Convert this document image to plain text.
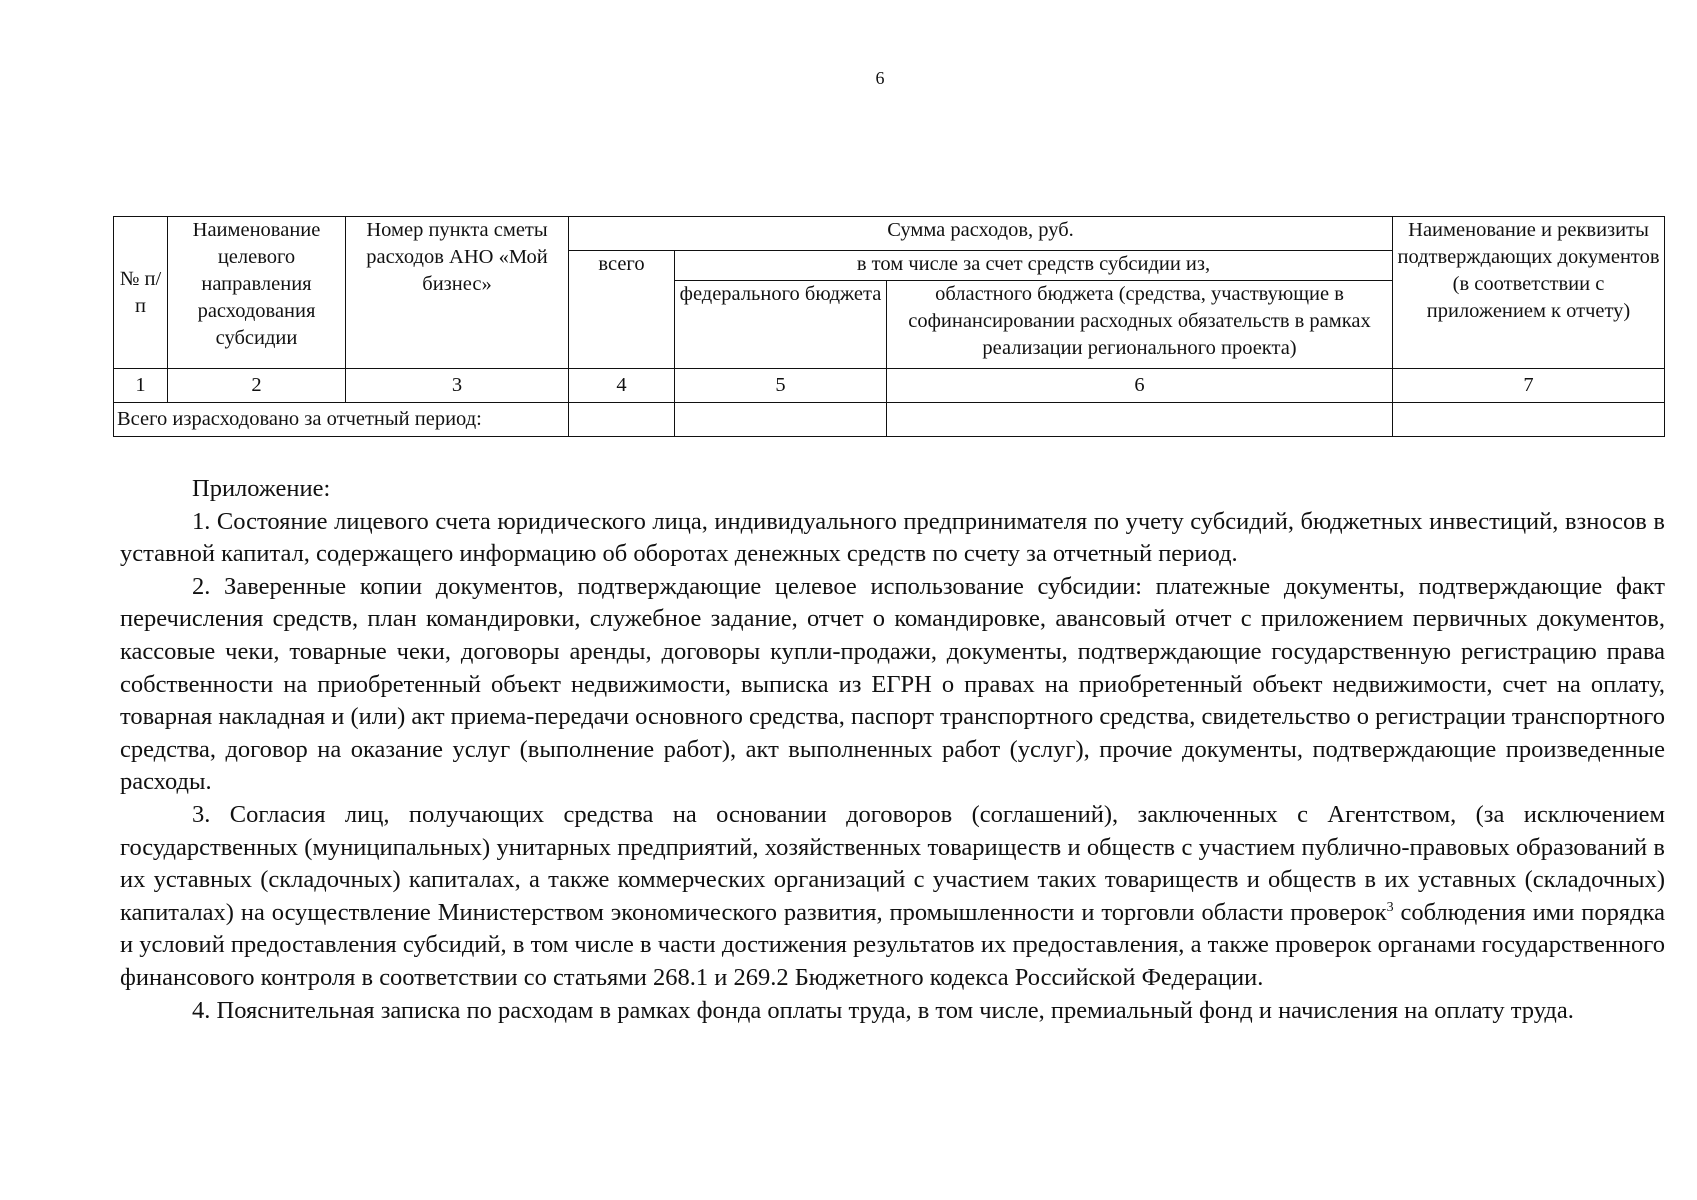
6
№ п/п	Наименование целевого направления расходования субсидии	Номер пункта сметы расходов АНО «Мой бизнес»	Сумма расходов, руб.			Наименование и реквизиты подтверждающих документов (в соответствии с приложением к отчету)
			всего	в том числе за счет средств субсидии из,		
				федерального бюджета	областного бюджета (средства, участвующие в софинансировании расходных обязательств в рамках реализации регионального проекта)	
1	2	3	4	5	6	7
Всего израсходовано за отчетный период:						

Приложение:

1. Состояние лицевого счета юридического лица, индивидуального предпринимателя по учету субсидий, бюджетных инвестиций, взносов в уставной капитал, содержащего информацию об оборотах денежных средств по счету за отчетный период.

2. Заверенные копии документов, подтверждающие целевое использование субсидии: платежные документы, подтверждающие факт перечисления средств, план командировки, служебное задание, отчет о командировке, авансовый отчет с приложением первичных документов, кассовые чеки, товарные чеки, договоры аренды, договоры купли-продажи, документы, подтверждающие государственную регистрацию права собственности на приобретенный объект недвижимости, выписка из ЕГРН о правах на приобретенный объект недвижимости, счет на оплату, товарная накладная и (или) акт приема-передачи основного средства, паспорт транспортного средства, свидетельство о регистрации транспортного средства, договор на оказание услуг (выполнение работ), акт выполненных работ (услуг), прочие документы, подтверждающие произведенные расходы.

3. Согласия лиц, получающих средства на основании договоров (соглашений), заключенных с Агентством, (за исключением государственных (муниципальных) унитарных предприятий, хозяйственных товариществ и обществ с участием публично-правовых образований в их уставных (складочных) капиталах, а также коммерческих организаций с участием таких товариществ и обществ в их уставных (складочных) капиталах) на осуществление Министерством экономического развития, промышленности и торговли области проверок$^3$ соблюдения ими порядка и условий предоставления субсидий, в том числе в части достижения результатов их предоставления, а также проверок органами государственного финансового контроля в соответствии со статьями 268.1 и 269.2 Бюджетного кодекса Российской Федерации.

4. Пояснительная записка по расходам в рамках фонда оплаты труда, в том числе, премиальный фонд и начисления на оплату труда.
